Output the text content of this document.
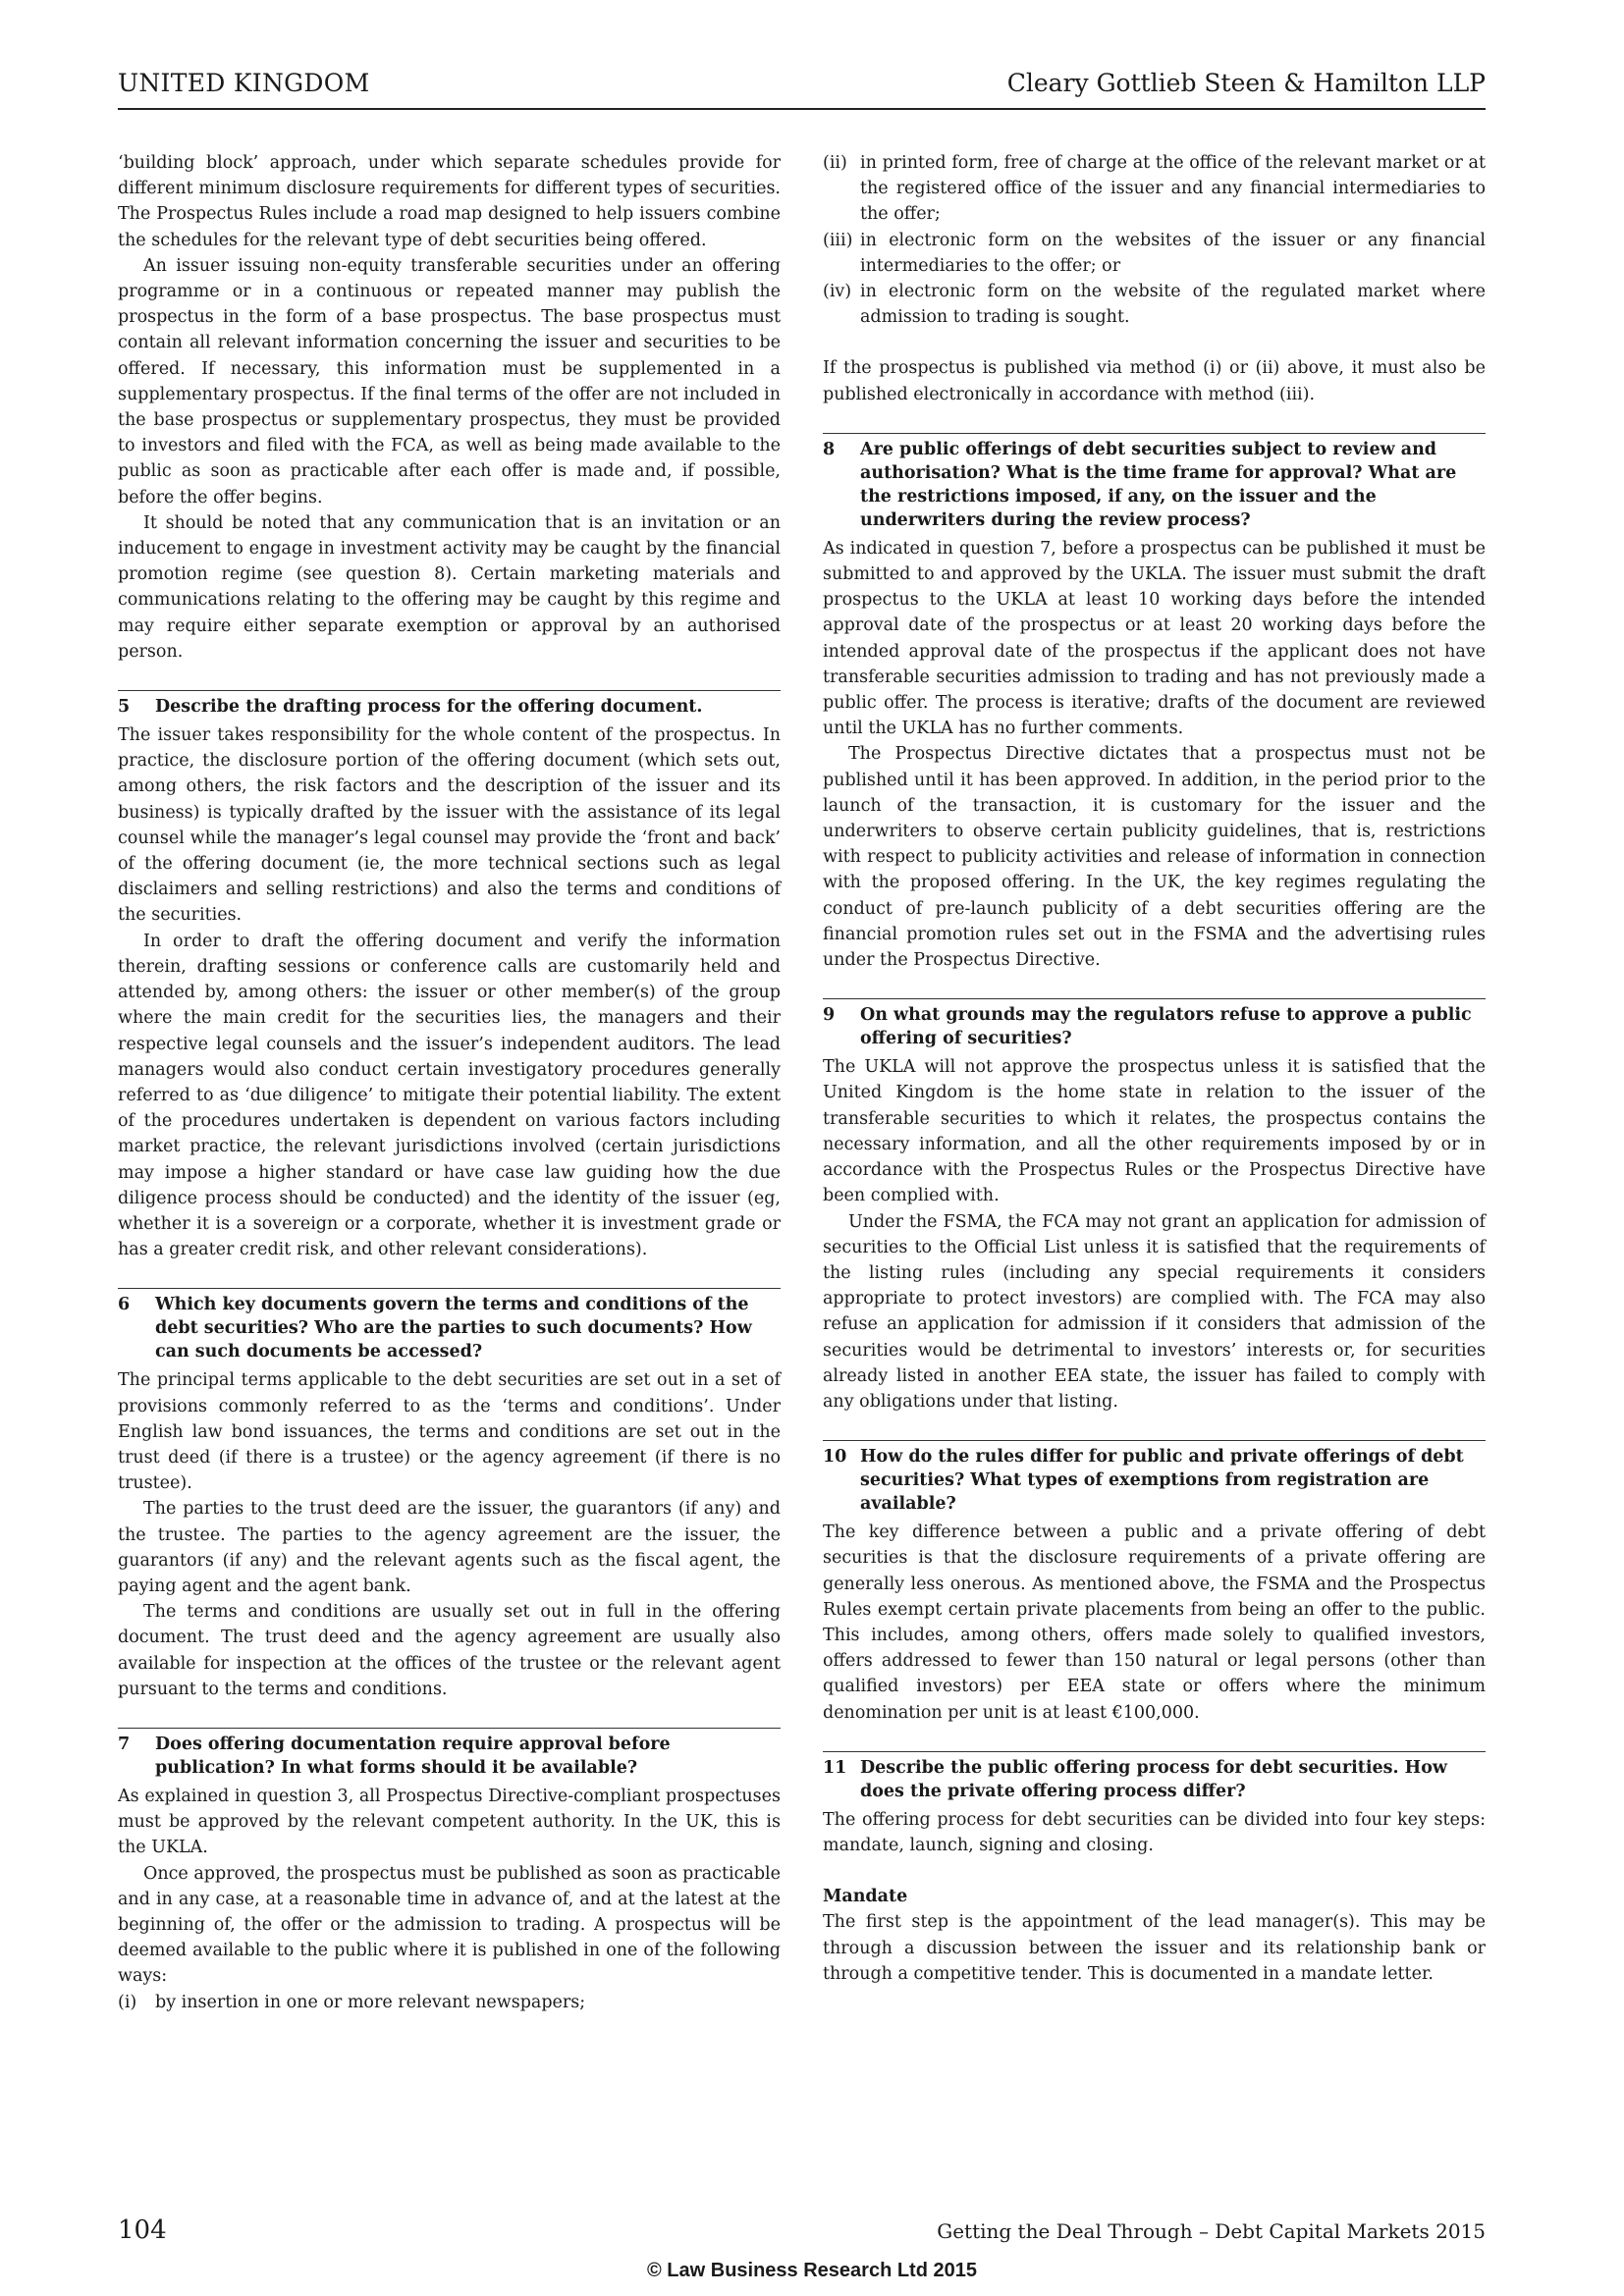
UNITED KINGDOM	Cleary Gottlieb Steen & Hamilton LLP

‘building block’ approach, under which separate schedules provide for different minimum disclosure requirements for different types of securities. The Prospectus Rules include a road map designed to help issuers combine the schedules for the relevant type of debt securities being offered.

An issuer issuing non-equity transferable securities under an offering programme or in a continuous or repeated manner may publish the prospectus in the form of a base prospectus. The base prospectus must contain all relevant information concerning the issuer and securities to be offered. If necessary, this information must be supplemented in a supplementary prospectus. If the final terms of the offer are not included in the base prospectus or supplementary prospectus, they must be provided to investors and filed with the FCA, as well as being made available to the public as soon as practicable after each offer is made and, if possible, before the offer begins.

It should be noted that any communication that is an invitation or an inducement to engage in investment activity may be caught by the financial promotion regime (see question 8). Certain marketing materials and communications relating to the offering may be caught by this regime and may require either separate exemption or approval by an authorised person.

5	Describe the drafting process for the offering document.

The issuer takes responsibility for the whole content of the prospectus. In practice, the disclosure portion of the offering document (which sets out, among others, the risk factors and the description of the issuer and its business) is typically drafted by the issuer with the assistance of its legal counsel while the manager’s legal counsel may provide the ‘front and back’ of the offering document (ie, the more technical sections such as legal disclaimers and selling restrictions) and also the terms and conditions of the securities.

In order to draft the offering document and verify the information therein, drafting sessions or conference calls are customarily held and attended by, among others: the issuer or other member(s) of the group where the main credit for the securities lies, the managers and their respective legal counsels and the issuer’s independent auditors. The lead managers would also conduct certain investigatory procedures generally referred to as ‘due diligence’ to mitigate their potential liability. The extent of the procedures undertaken is dependent on various factors including market practice, the relevant jurisdictions involved (certain jurisdictions may impose a higher standard or have case law guiding how the due diligence process should be conducted) and the identity of the issuer (eg, whether it is a sovereign or a corporate, whether it is investment grade or has a greater credit risk, and other relevant considerations).

6	Which key documents govern the terms and conditions of the debt securities? Who are the parties to such documents? How can such documents be accessed?

The principal terms applicable to the debt securities are set out in a set of provisions commonly referred to as the ‘terms and conditions’. Under English law bond issuances, the terms and conditions are set out in the trust deed (if there is a trustee) or the agency agreement (if there is no trustee).

The parties to the trust deed are the issuer, the guarantors (if any) and the trustee. The parties to the agency agreement are the issuer, the guarantors (if any) and the relevant agents such as the fiscal agent, the paying agent and the agent bank.

The terms and conditions are usually set out in full in the offering document. The trust deed and the agency agreement are usually also available for inspection at the offices of the trustee or the relevant agent pursuant to the terms and conditions.

7	Does offering documentation require approval before publication? In what forms should it be available?

As explained in question 3, all Prospectus Directive-compliant prospectuses must be approved by the relevant competent authority. In the UK, this is the UKLA.

Once approved, the prospectus must be published as soon as practicable and in any case, at a reasonable time in advance of, and at the latest at the beginning of, the offer or the admission to trading. A prospectus will be deemed available to the public where it is published in one of the following ways:

(i) by insertion in one or more relevant newspapers;
(ii) in printed form, free of charge at the office of the relevant market or at the registered office of the issuer and any financial intermediaries to the offer;
(iii) in electronic form on the websites of the issuer or any financial intermediaries to the offer; or
(iv) in electronic form on the website of the regulated market where admission to trading is sought.

If the prospectus is published via method (i) or (ii) above, it must also be published electronically in accordance with method (iii).

8	Are public offerings of debt securities subject to review and authorisation? What is the time frame for approval? What are the restrictions imposed, if any, on the issuer and the underwriters during the review process?

As indicated in question 7, before a prospectus can be published it must be submitted to and approved by the UKLA. The issuer must submit the draft prospectus to the UKLA at least 10 working days before the intended approval date of the prospectus or at least 20 working days before the intended approval date of the prospectus if the applicant does not have transferable securities admission to trading and has not previously made a public offer. The process is iterative; drafts of the document are reviewed until the UKLA has no further comments.

The Prospectus Directive dictates that a prospectus must not be published until it has been approved. In addition, in the period prior to the launch of the transaction, it is customary for the issuer and the underwriters to observe certain publicity guidelines, that is, restrictions with respect to publicity activities and release of information in connection with the proposed offering. In the UK, the key regimes regulating the conduct of pre-launch publicity of a debt securities offering are the financial promotion rules set out in the FSMA and the advertising rules under the Prospectus Directive.

9	On what grounds may the regulators refuse to approve a public offering of securities?

The UKLA will not approve the prospectus unless it is satisfied that the United Kingdom is the home state in relation to the issuer of the transferable securities to which it relates, the prospectus contains the necessary information, and all the other requirements imposed by or in accordance with the Prospectus Rules or the Prospectus Directive have been complied with.

Under the FSMA, the FCA may not grant an application for admission of securities to the Official List unless it is satisfied that the requirements of the listing rules (including any special requirements it considers appropriate to protect investors) are complied with. The FCA may also refuse an application for admission if it considers that admission of the securities would be detrimental to investors’ interests or, for securities already listed in another EEA state, the issuer has failed to comply with any obligations under that listing.

10 How do the rules differ for public and private offerings of debt securities? What types of exemptions from registration are available?

The key difference between a public and a private offering of debt securities is that the disclosure requirements of a private offering are generally less onerous. As mentioned above, the FSMA and the Prospectus Rules exempt certain private placements from being an offer to the public. This includes, among others, offers made solely to qualified investors, offers addressed to fewer than 150 natural or legal persons (other than qualified investors) per EEA state or offers where the minimum denomination per unit is at least €100,000.

11 Describe the public offering process for debt securities. How does the private offering process differ?

The offering process for debt securities can be divided into four key steps: mandate, launch, signing and closing.

Mandate

The first step is the appointment of the lead manager(s). This may be through a discussion between the issuer and its relationship bank or through a competitive tender. This is documented in a mandate letter.

104	Getting the Deal Through – Debt Capital Markets 2015
© Law Business Research Ltd 2015
